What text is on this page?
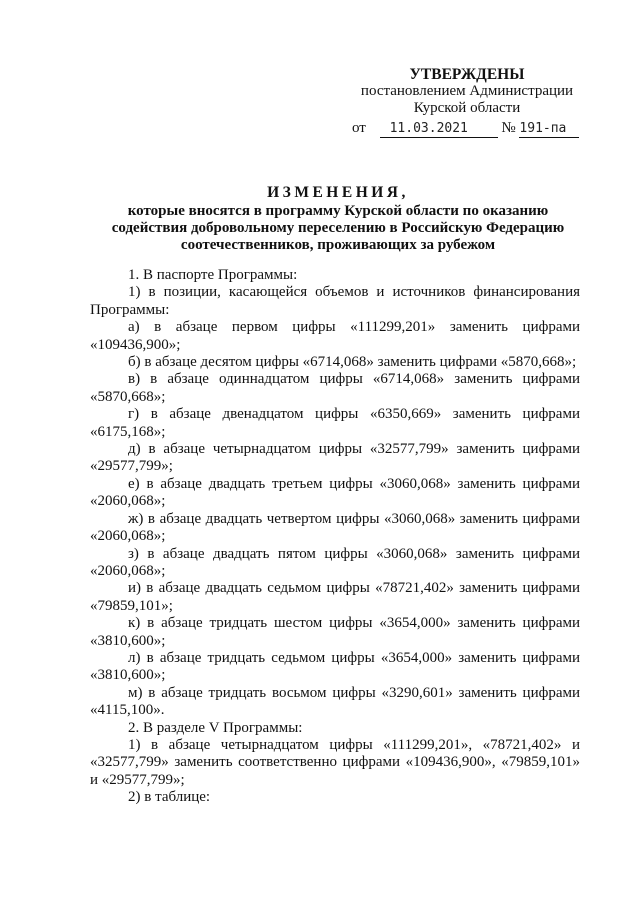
УТВЕРЖДЕНЫ
постановлением Администрации
Курской области
от 11.03.2021 № 191-па
ИЗМЕНЕНИЯ,
которые вносятся в программу Курской области по оказанию содействия добровольному переселению в Российскую Федерацию соотечественников, проживающих за рубежом

1. В паспорте Программы:

1) в позиции, касающейся объемов и источников финансирования Программы:

а) в абзаце первом цифры «111299,201» заменить цифрами «109436,900»;

б) в абзаце десятом цифры «6714,068» заменить цифрами «5870,668»;

в) в абзаце одиннадцатом цифры «6714,068» заменить цифрами «5870,668»;

г) в абзаце двенадцатом цифры «6350,669» заменить цифрами «6175,168»;

д) в абзаце четырнадцатом цифры «32577,799» заменить цифрами «29577,799»;

е) в абзаце двадцать третьем цифры «3060,068» заменить цифрами «2060,068»;

ж) в абзаце двадцать четвертом цифры «3060,068» заменить цифрами «2060,068»;

з) в абзаце двадцать пятом цифры «3060,068» заменить цифрами «2060,068»;

и) в абзаце двадцать седьмом цифры «78721,402» заменить цифрами «79859,101»;

к) в абзаце тридцать шестом цифры «3654,000» заменить цифрами «3810,600»;

л) в абзаце тридцать седьмом цифры «3654,000» заменить цифрами «3810,600»;

м) в абзаце тридцать восьмом цифры «3290,601» заменить цифрами «4115,100».

2. В разделе V Программы:

1) в абзаце четырнадцатом цифры «111299,201», «78721,402» и «32577,799» заменить соответственно цифрами «109436,900», «79859,101» и «29577,799»;

2) в таблице:
